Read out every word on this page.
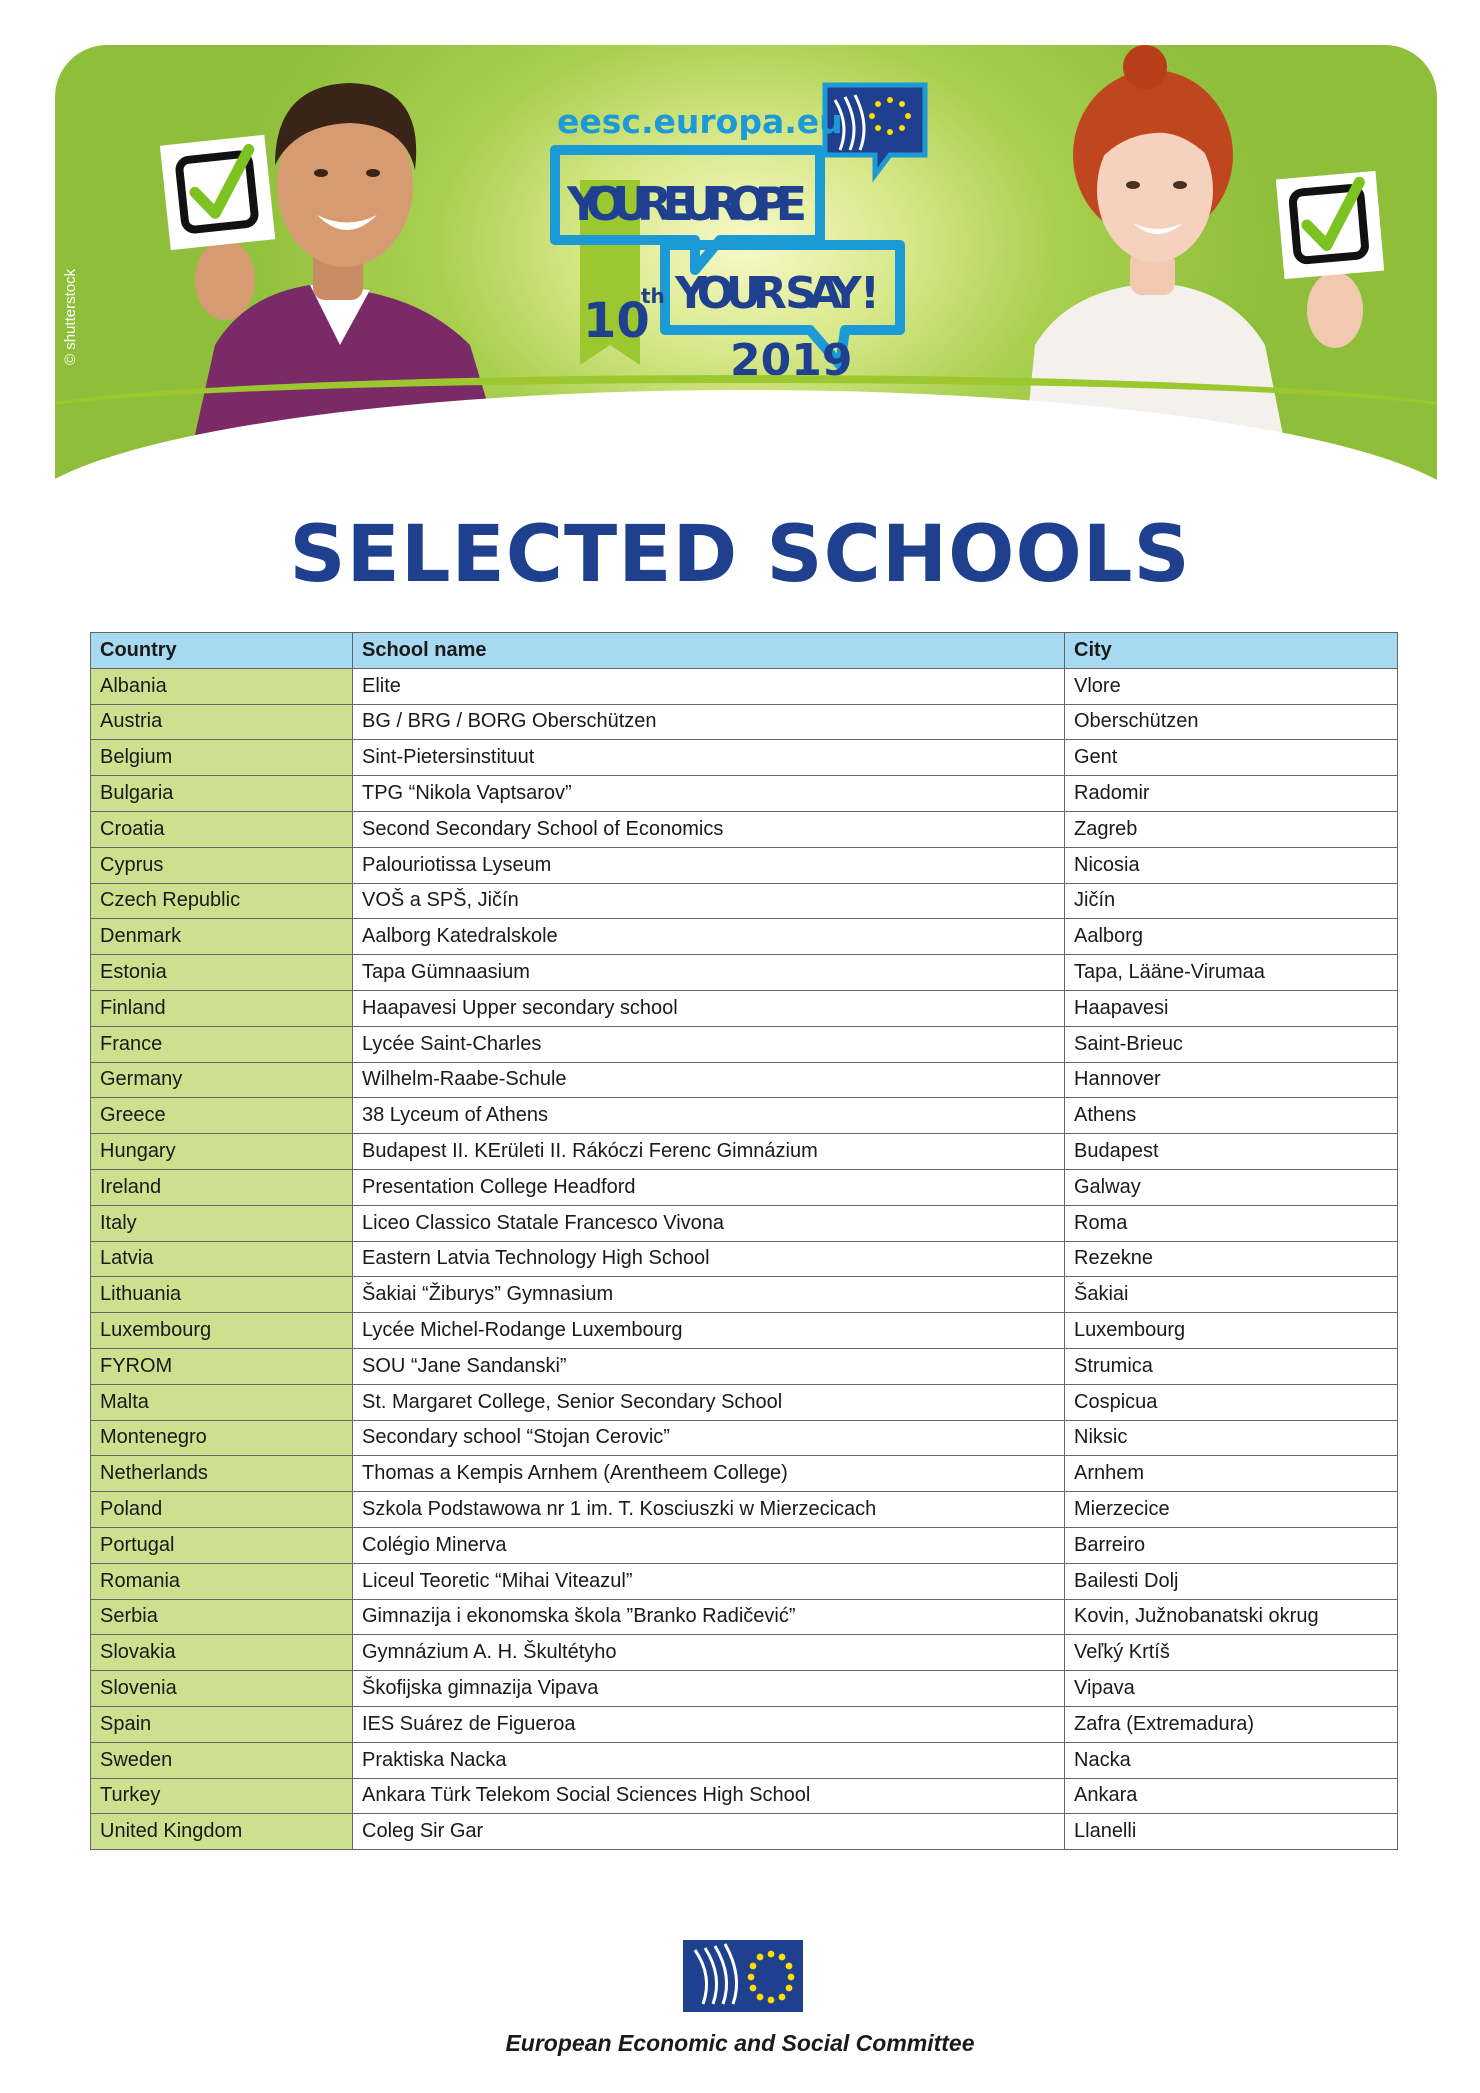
eesc.europa.eu
YOUR EUROPE
YOUR SAY !
10
th
2019
© shutterstock
SELECTED SCHOOLS
Country	School name	City
Albania	Elite	Vlore
Austria	BG / BRG / BORG Oberschützen	Oberschützen
Belgium	Sint-Pietersinstituut	Gent
Bulgaria	TPG “Nikola Vaptsarov”	Radomir
Croatia	Second Secondary School of Economics	Zagreb
Cyprus	Palouriotissa Lyseum	Nicosia
Czech Republic	VOŠ a SPŠ, Jičín	Jičín
Denmark	Aalborg Katedralskole	Aalborg
Estonia	Tapa Gümnaasium	Tapa, Lääne-Virumaa
Finland	Haapavesi Upper secondary school	Haapavesi
France	Lycée Saint-Charles	Saint-Brieuc
Germany	Wilhelm-Raabe-Schule	Hannover
Greece	38 Lyceum of Athens	Athens
Hungary	Budapest II. KErületi II. Rákóczi Ferenc Gimnázium	Budapest
Ireland	Presentation College Headford	Galway
Italy	Liceo Classico Statale Francesco Vivona	Roma
Latvia	Eastern Latvia Technology High School	Rezekne
Lithuania	Šakiai “Žiburys” Gymnasium	Šakiai
Luxembourg	Lycée Michel-Rodange Luxembourg	Luxembourg
FYROM	SOU “Jane Sandanski”	Strumica
Malta	St. Margaret College, Senior Secondary School	Cospicua
Montenegro	Secondary school “Stojan Cerovic”	Niksic
Netherlands	Thomas a Kempis Arnhem (Arentheem College)	Arnhem
Poland	Szkola Podstawowa nr 1 im. T. Kosciuszki w Mierzecicach	Mierzecice
Portugal	Colégio Minerva	Barreiro
Romania	Liceul Teoretic “Mihai Viteazul”	Bailesti Dolj
Serbia	Gimnazija i ekonomska škola ”Branko Radičević”	Kovin, Južnobanatski okrug
Slovakia	Gymnázium A. H. Škultétyho	Veľký Krtíš
Slovenia	Škofijska gimnazija Vipava	Vipava
Spain	IES Suárez de Figueroa	Zafra (Extremadura)
Sweden	Praktiska Nacka	Nacka
Turkey	Ankara Türk Telekom Social Sciences High School	Ankara
United Kingdom	Coleg Sir Gar	Llanelli
European Economic and Social Committee
